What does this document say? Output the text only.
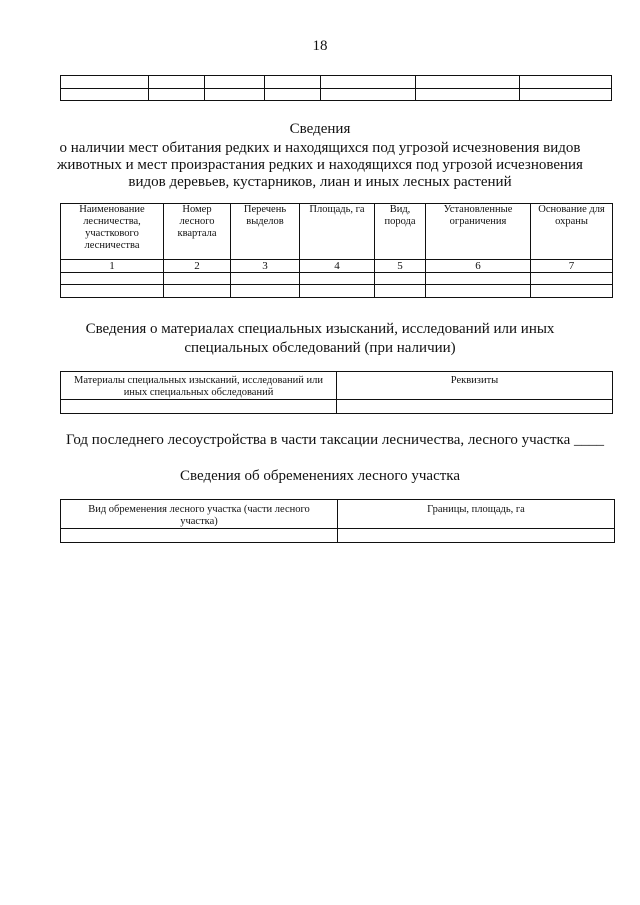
18

Сведения
о наличии мест обитания редких и находящихся под угрозой исчезновения видов
животных и мест произрастания редких и находящихся под угрозой исчезновения
видов деревьев, кустарников, лиан и иных лесных растений
Наименование лесничества, участкового лесничества	Номер лесного квартала	Перечень выделов	Площадь, га	Вид, порода	Установленные ограничения	Основание для охраны
1	2	3	4	5	6	7

Сведения о материалах специальных изысканий, исследований или иных
специальных обследований (при наличии)
Материалы специальных изысканий, исследований или иных специальных обследований	Реквизиты

Год последнего лесоустройства в части таксации лесничества, лесного участка ____
Сведения об обременениях лесного участка
Вид обременения лесного участка (части лесного участка)	Границы, площадь, га
